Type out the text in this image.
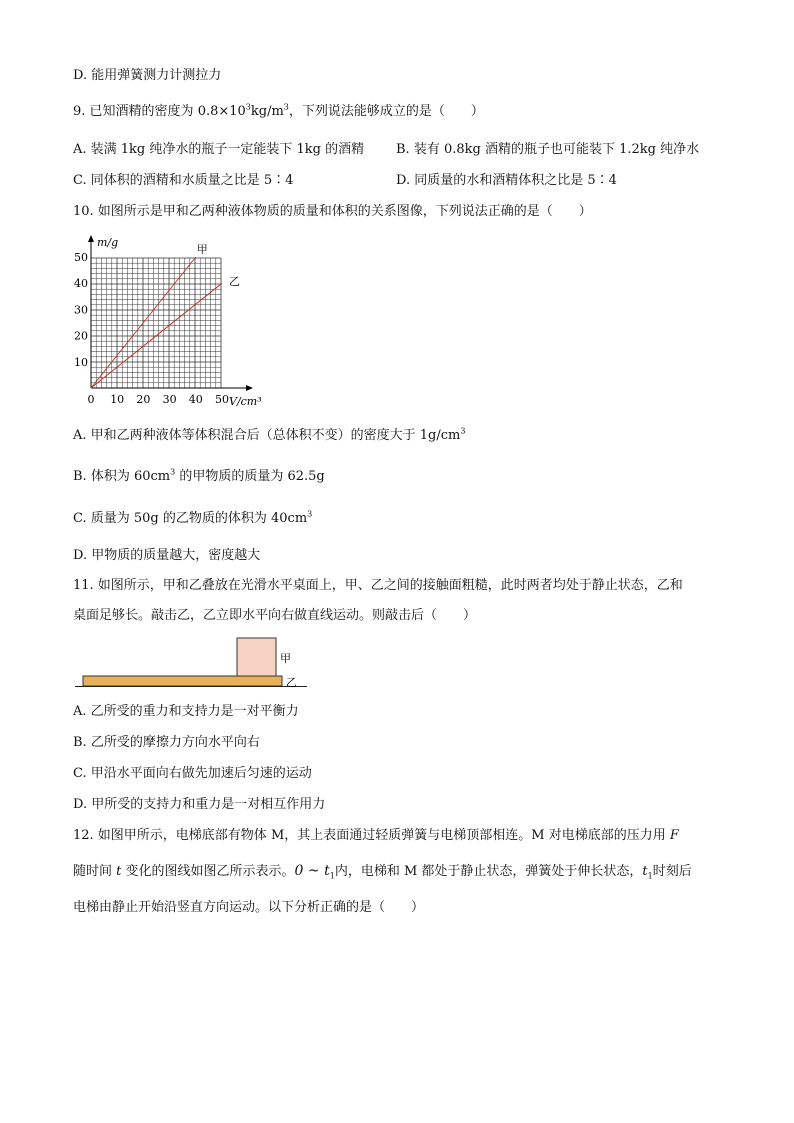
D. 能用弹簧测力计测拉力
9. 已知酒精的密度为 $0.8\times 10^3kg/m^3$，下列说法能够成立的是（　　）
A. 装满 1kg 纯净水的瓶子一定能装下 1kg 的酒精 B. 装有 0.8kg 酒精的瓶子也可能装下 1.2kg 纯净水
C. 同体积的酒精和水质量之比是 5∶4	D. 同质量的水和酒精体积之比是 5∶4
10. 如图所示是甲和乙两种液体物质的质量和体积的关系图像，下列说法正确的是（　　）
甲
乙
0 10 20 30 40 50
10
20
30
40
50
m/g
V/cm³
A. 甲和乙两种液体等体积混合后（总体积不变）的密度大于 $1g/cm^3$
B. 体积为 $60cm^3$ 的甲物质的质量为 62.5g
C. 质量为 50g 的乙物质的体积为 $40cm^3$
D. 甲物质的质量越大，密度越大
11. 如图所示，甲和乙叠放在光滑水平桌面上，甲、乙之间的接触面粗糙，此时两者均处于静止状态，乙和
桌面足够长。敲击乙，乙立即水平向右做直线运动。则敲击后（　　）
甲
乙
A. 乙所受的重力和支持力是一对平衡力
B. 乙所受的摩擦力方向水平向右
C. 甲沿水平面向右做先加速后匀速的运动
D. 甲所受的支持力和重力是一对相互作用力
12. 如图甲所示，电梯底部有物体 M，其上表面通过轻质弹簧与电梯顶部相连。M 对电梯底部的压力用 F
随时间 t 变化的图线如图乙所示表示。0 ~ $t_1$内，电梯和 M 都处于静止状态，弹簧处于伸长状态，$t_1$时刻后
电梯由静止开始沿竖直方向运动。以下分析正确的是（　　）
